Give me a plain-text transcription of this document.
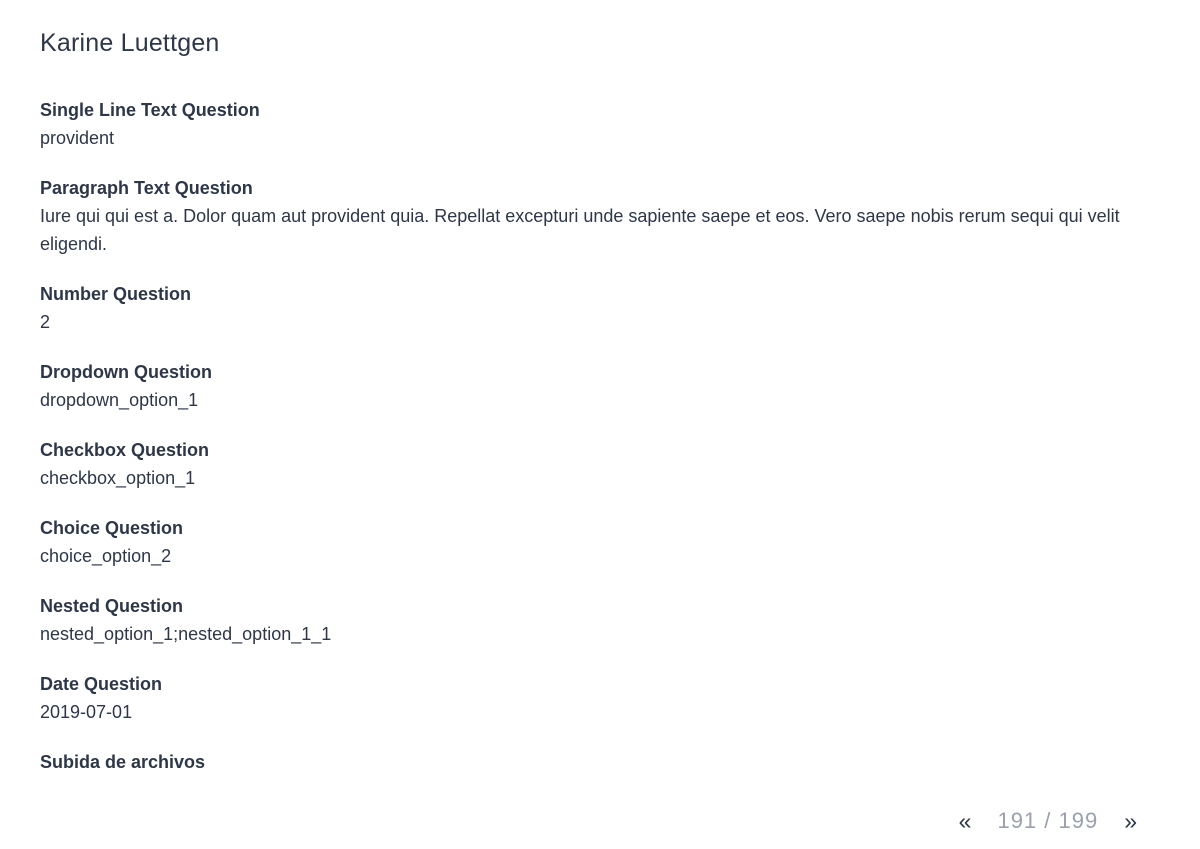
Karine Luettgen
Single Line Text Question
provident
Paragraph Text Question
Iure qui qui est a. Dolor quam aut provident quia. Repellat excepturi unde sapiente saepe et eos. Vero saepe nobis rerum sequi qui velit eligendi.
Number Question
2
Dropdown Question
dropdown_option_1
Checkbox Question
checkbox_option_1
Choice Question
choice_option_2
Nested Question
nested_option_1;nested_option_1_1
Date Question
2019-07-01
Subida de archivos
« 191 / 199 »
